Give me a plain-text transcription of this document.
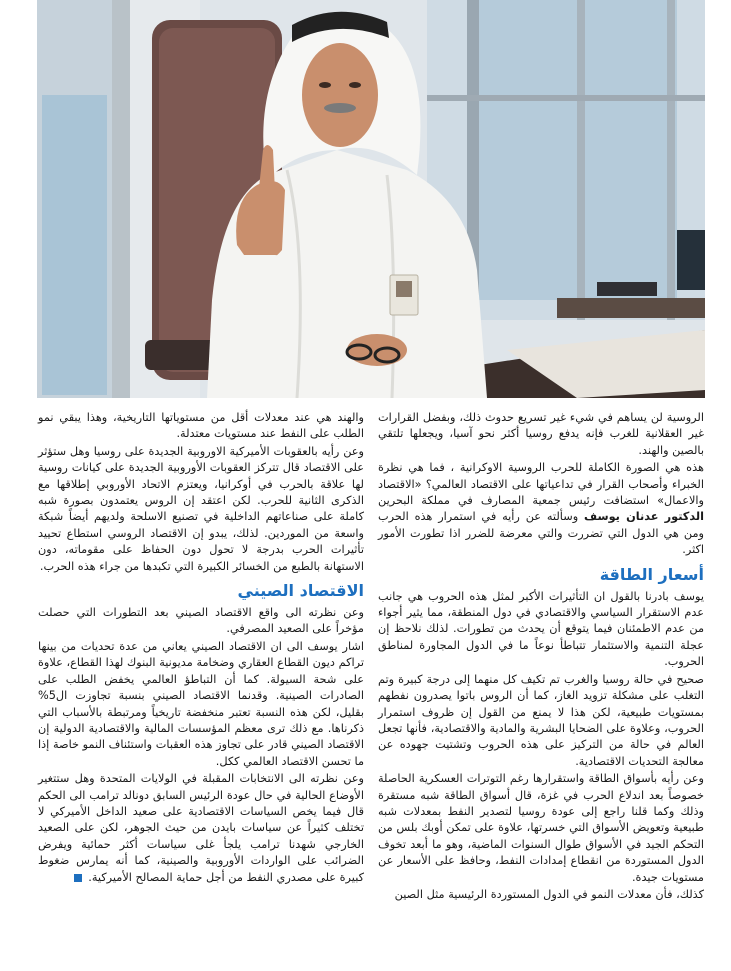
الروسية لن يساهم في شيء غير تسريع حدوث ذلك، وبفضل القرارات غير العقلانية للغرب فإنه يدفع روسيا أكثر نحو آسيا، ويجعلها تلتقي بالصين والهند.

هذه هي الصورة الكاملة للحرب الروسية الاوكرانية ، فما هي نظرة الخبراء وأصحاب القرار في تداعياتها على الاقتصاد العالمي؟ «الاقتصاد والاعمال» استضافت رئيس جمعية المصارف في مملكة البحرين الدكتور عدنان يوسف وسألته عن رأيه في استمرار هذه الحرب ومن هي الدول التي تضررت والتي معرضة للضرر اذا تطورت الأمور اكثر.

أسعار الطاقة

يوسف بادرنا بالقول ان التأثيرات الأكبر لمثل هذه الحروب هي جانب عدم الاستقرار السياسي والاقتصادي في دول المنطقة، مما يثير أجواء من عدم الاطمئنان فيما يتوقع أن يحدث من تطورات. لذلك نلاحظ إن عجلة التنمية والاستثمار تتباطأ نوعاً ما في الدول المجاورة لمناطق الحروب.

صحيح في حالة روسيا والغرب تم تكيف كل منهما إلى درجة كبيرة وتم التغلب على مشكلة تزويد الغاز، كما أن الروس باتوا يصدرون نفطهم بمستويات طبيعية، لكن هذا لا يمنع من القول إن ظروف استمرار الحروب، وعلاوة على الضحايا البشرية والمادية والاقتصادية، فأنها تجعل العالم في حالة من التركيز على هذه الحروب وتشتيت جهوده عن معالجة التحديات الاقتصادية.

وعن رأيه بأسواق الطاقة واستقرارها رغم التوترات العسكرية الحاصلة خصوصاً بعد اندلاع الحرب في غزة، قال أسواق الطاقة شبه مستقرة وذلك وكما قلنا راجع إلى عودة روسيا لتصدير النفط بمعدلات شبه طبيعية وتعويض الأسواق التي خسرتها، علاوة على تمكن أوبك بلس من التحكم الجيد في الأسواق طوال السنوات الماضية، وهو ما أبعد تخوف الدول المستوردة من انقطاع إمدادات النفط، وحافظ على الأسعار عن مستويات جيدة.

كذلك، فأن معدلات النمو في الدول المستوردة الرئيسية مثل الصين

والهند هي عند معدلات أقل من مستوياتها التاريخية، وهذا يبقي نمو الطلب على النفط عند مستويات معتدلة.

وعن رأيه بالعقوبات الأميركية الاوروبية الجديدة على روسيا وهل ستؤثر على الاقتصاد قال تتركز العقوبات الأوروبية الجديدة على كيانات روسية لها علاقة بالحرب في أوكرانيا، ويعتزم الاتحاد الأوروبي إطلاقها مع الذكرى الثانية للحرب. لكن اعتقد إن الروس يعتمدون بصورة شبه كاملة على صناعاتهم الداخلية في تصنيع الاسلحة ولديهم أيضاً شبكة واسعة من الموردين. لذلك، يبدو إن الاقتصاد الروسي استطاع تحييد تأثيرات الحرب بدرجة لا تحول دون الحفاظ على مقوماته، دون الاستهانة بالطبع من الخسائر الكبيرة التي تكبدها من جراء هذه الحرب.

الاقتصاد الصيني

وعن نظرته الى واقع الاقتصاد الصيني بعد التطورات التي حصلت مؤخراً على الصعيد المصرفي.

اشار يوسف الى ان الاقتصاد الصيني يعاني من عدة تحديات من بينها تراكم ديون القطاع العقاري وضخامة مديونية البنوك لهذا القطاع، علاوة على شحة السيولة. كما أن التباطؤ العالمي يخفض الطلب على الصادرات الصينية. وقدنما الاقتصاد الصيني بنسبة تجاوزت ال5% بقليل، لكن هذه النسبة تعتبر منخفضة تاريخياً ومرتبطة بالأسباب التي ذكرناها. مع ذلك ترى معظم المؤسسات المالية والاقتصادية الدولية إن الاقتصاد الصيني قادر على تجاوز هذه العقبات واستئناف النمو خاصة إذا ما تحسن الاقتصاد العالمي ككل.

وعن نظرته الى الانتخابات المقبلة في الولايات المتحدة وهل ستتغير الأوضاع الحالية في حال عودة الرئيس السابق دونالد ترامب الى الحكم قال فيما يخص السياسات الاقتصادية على صعيد الداخل الأميركي لا تختلف كثيراً عن سياسات بايدن من حيث الجوهر، لكن على الصعيد الخارجي شهدنا ترامب يلجأ غلى سياسات أكثر حمائية ويفرض الضرائب على الواردات الأوروبية والصينية، كما أنه يمارس ضغوط كبيرة على مصدري النفط من أجل حماية المصالح الأميركية.
